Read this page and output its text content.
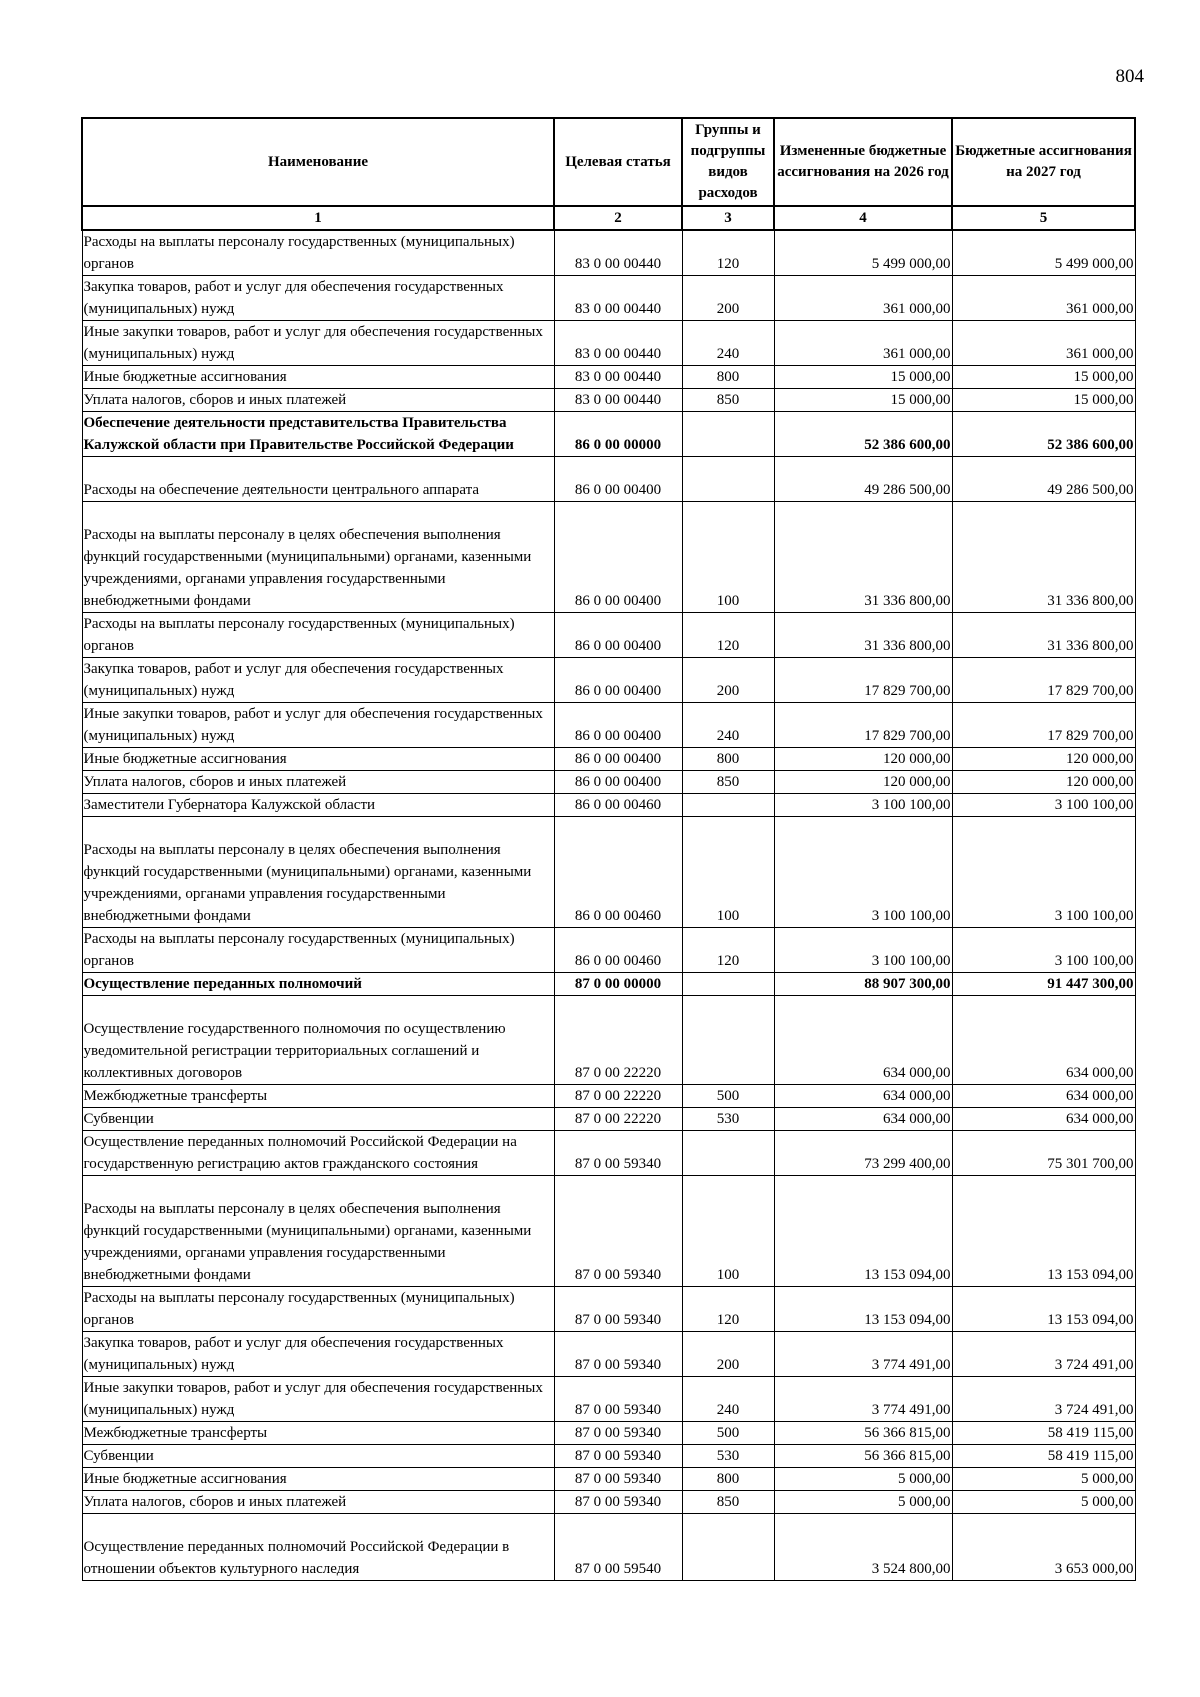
804
Наименование	Целевая статья	Группы и подгруппы видов расходов	Измененные бюджетные ассигнования на 2026 год	Бюджетные ассигнования на 2027 год
1	2	3	4	5
Расходы на выплаты персоналу государственных (муниципальных) органов	83 0 00 00440	120	5 499 000,00	5 499 000,00
Закупка товаров, работ и услуг для обеспечения государственных (муниципальных) нужд	83 0 00 00440	200	361 000,00	361 000,00
Иные закупки товаров, работ и услуг для обеспечения государственных (муниципальных) нужд	83 0 00 00440	240	361 000,00	361 000,00
Иные бюджетные ассигнования	83 0 00 00440	800	15 000,00	15 000,00
Уплата налогов, сборов и иных платежей	83 0 00 00440	850	15 000,00	15 000,00
Обеспечение деятельности представительства Правительства Калужской области при Правительстве Российской Федерации	86 0 00 00000		52 386 600,00	52 386 600,00
Расходы на обеспечение деятельности центрального аппарата	86 0 00 00400		49 286 500,00	49 286 500,00
Расходы на выплаты персоналу в целях обеспечения выполнения функций государственными (муниципальными) органами, казенными учреждениями, органами управления государственными внебюджетными фондами	86 0 00 00400	100	31 336 800,00	31 336 800,00
Расходы на выплаты персоналу государственных (муниципальных) органов	86 0 00 00400	120	31 336 800,00	31 336 800,00
Закупка товаров, работ и услуг для обеспечения государственных (муниципальных) нужд	86 0 00 00400	200	17 829 700,00	17 829 700,00
Иные закупки товаров, работ и услуг для обеспечения государственных (муниципальных) нужд	86 0 00 00400	240	17 829 700,00	17 829 700,00
Иные бюджетные ассигнования	86 0 00 00400	800	120 000,00	120 000,00
Уплата налогов, сборов и иных платежей	86 0 00 00400	850	120 000,00	120 000,00
Заместители Губернатора Калужской области	86 0 00 00460		3 100 100,00	3 100 100,00
Расходы на выплаты персоналу в целях обеспечения выполнения функций государственными (муниципальными) органами, казенными учреждениями, органами управления государственными внебюджетными фондами	86 0 00 00460	100	3 100 100,00	3 100 100,00
Расходы на выплаты персоналу государственных (муниципальных) органов	86 0 00 00460	120	3 100 100,00	3 100 100,00
Осуществление переданных полномочий	87 0 00 00000		88 907 300,00	91 447 300,00
Осуществление государственного полномочия по осуществлению уведомительной регистрации территориальных соглашений и коллективных договоров	87 0 00 22220		634 000,00	634 000,00
Межбюджетные трансферты	87 0 00 22220	500	634 000,00	634 000,00
Субвенции	87 0 00 22220	530	634 000,00	634 000,00
Осуществление переданных полномочий Российской Федерации на государственную регистрацию актов гражданского состояния	87 0 00 59340		73 299 400,00	75 301 700,00
Расходы на выплаты персоналу в целях обеспечения выполнения функций государственными (муниципальными) органами, казенными учреждениями, органами управления государственными внебюджетными фондами	87 0 00 59340	100	13 153 094,00	13 153 094,00
Расходы на выплаты персоналу государственных (муниципальных) органов	87 0 00 59340	120	13 153 094,00	13 153 094,00
Закупка товаров, работ и услуг для обеспечения государственных (муниципальных) нужд	87 0 00 59340	200	3 774 491,00	3 724 491,00
Иные закупки товаров, работ и услуг для обеспечения государственных (муниципальных) нужд	87 0 00 59340	240	3 774 491,00	3 724 491,00
Межбюджетные трансферты	87 0 00 59340	500	56 366 815,00	58 419 115,00
Субвенции	87 0 00 59340	530	56 366 815,00	58 419 115,00
Иные бюджетные ассигнования	87 0 00 59340	800	5 000,00	5 000,00
Уплата налогов, сборов и иных платежей	87 0 00 59340	850	5 000,00	5 000,00
Осуществление переданных полномочий Российской Федерации в отношении объектов культурного наследия	87 0 00 59540		3 524 800,00	3 653 000,00
